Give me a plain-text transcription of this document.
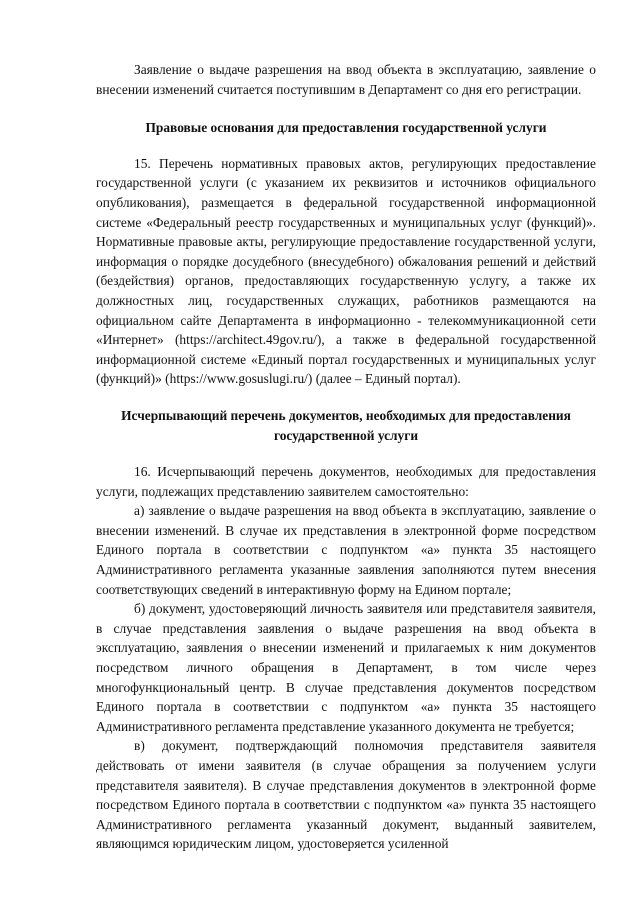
Заявление о выдаче разрешения на ввод объекта в эксплуатацию, заявление о внесении изменений считается поступившим в Департамент со дня его регистрации.

Правовые основания для предоставления государственной услуги

15. Перечень нормативных правовых актов, регулирующих предоставление государственной услуги (с указанием их реквизитов и источников официального опубликования), размещается в федеральной государственной информационной системе «Федеральный реестр государственных и муниципальных услуг (функций)». Нормативные правовые акты, регулирующие предоставление государственной услуги, информация о порядке досудебного (внесудебного) обжалования решений и действий (бездействия) органов, предоставляющих государственную услугу, а также их должностных лиц, государственных служащих, работников размещаются на официальном сайте Департамента в информационно - телекоммуникационной сети «Интернет» (https://architect.49gov.ru/), а также в федеральной государственной информационной системе «Единый портал государственных и муниципальных услуг (функций)» (https://www.gosuslugi.ru/) (далее – Единый портал).

Исчерпывающий перечень документов, необходимых для предоставления государственной услуги

16. Исчерпывающий перечень документов, необходимых для предоставления услуги, подлежащих представлению заявителем самостоятельно:

а) заявление о выдаче разрешения на ввод объекта в эксплуатацию, заявление о внесении изменений. В случае их представления в электронной форме посредством Единого портала в соответствии с подпунктом «а» пункта 35 настоящего Административного регламента указанные заявления заполняются путем внесения соответствующих сведений в интерактивную форму на Едином портале;

б) документ, удостоверяющий личность заявителя или представителя заявителя, в случае представления заявления о выдаче разрешения на ввод объекта в эксплуатацию, заявления о внесении изменений и прилагаемых к ним документов посредством личного обращения в Департамент, в том числе через многофункциональный центр. В случае представления документов посредством Единого портала в соответствии с подпунктом «а» пункта 35 настоящего Административного регламента представление указанного документа не требуется;

в) документ, подтверждающий полномочия представителя заявителя действовать от имени заявителя (в случае обращения за получением услуги представителя заявителя). В случае представления документов в электронной форме посредством Единого портала в соответствии с подпунктом «а» пункта 35 настоящего Административного регламента указанный документ, выданный заявителем, являющимся юридическим лицом, удостоверяется усиленной
